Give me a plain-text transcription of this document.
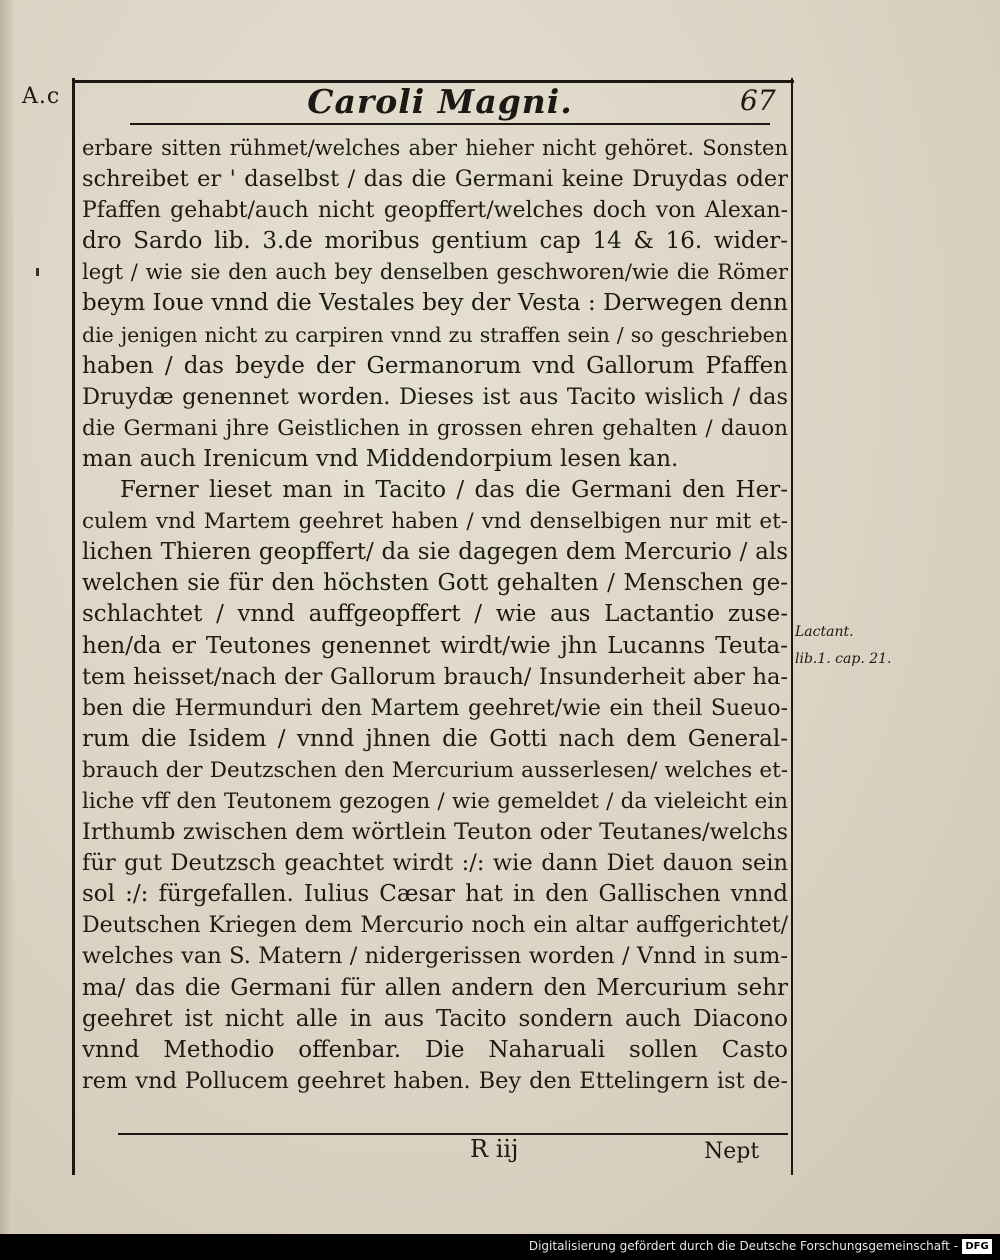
A.c	Caroli Magni.	67
erbare sitten rühmet/welches aber hieher nicht gehöret. Sonsten
schreibet er ' daselbst / das die Germani keine Druydas oder
Pfaffen gehabt/auch nicht geopffert/welches doch von Alexan-
dro Sardo lib. 3.de moribus gentium cap 14 & 16. wider-
legt / wie sie den auch bey denselben geschworen/wie die Römer
beym Ioue vnnd die Vestales bey der Vesta : Derwegen denn
die jenigen nicht zu carpiren vnnd zu straffen sein / so geschrieben
haben / das beyde der Germanorum vnd Gallorum Pfaffen
Druydæ genennet worden. Dieses ist aus Tacito wislich / das
die Germani jhre Geistlichen in grossen ehren gehalten / dauon
man auch Irenicum vnd Middendorpium lesen kan.
Ferner lieset man in Tacito / das die Germani den Her-
culem vnd Martem geehret haben / vnd denselbigen nur mit et-
lichen Thieren geopffert/ da sie dagegen dem Mercurio / als
welchen sie für den höchsten Gott gehalten / Menschen ge-
schlachtet / vnnd auffgeopffert / wie aus Lactantio zuse-
hen/da er Teutones genennet wirdt/wie jhn Lucanns Teuta-
tem heisset/nach der Gallorum brauch/ Insunderheit aber ha-
ben die Hermunduri den Martem geehret/wie ein theil Sueuo-
rum die Isidem / vnnd jhnen die Gotti nach dem General-
brauch der Deutzschen den Mercurium ausserlesen/ welches et-
liche vff den Teutonem gezogen / wie gemeldet / da vieleicht ein
Irthumb zwischen dem wörtlein Teuton oder Teutanes/welchs
für gut Deutzsch geachtet wirdt :/: wie dann Diet dauon sein
sol :/: fürgefallen. Iulius Cæsar hat in den Gallischen vnnd
Deutschen Kriegen dem Mercurio noch ein altar auffgerichtet/
welches van S. Matern / nidergerissen worden / Vnnd in sum-
ma/ das die Germani für allen andern den Mercurium sehr
geehret ist nicht alle in aus Tacito sondern auch Diacono
vnnd Methodio offenbar. Die Naharuali sollen Casto
rem vnd Pollucem geehret haben. Bey den Ettelingern ist de-
Lactant.
lib.1. cap. 21.
R iij	Nept
Digitalisierung gefördert durch die Deutsche Forschungsgemeinschaft - DFG
